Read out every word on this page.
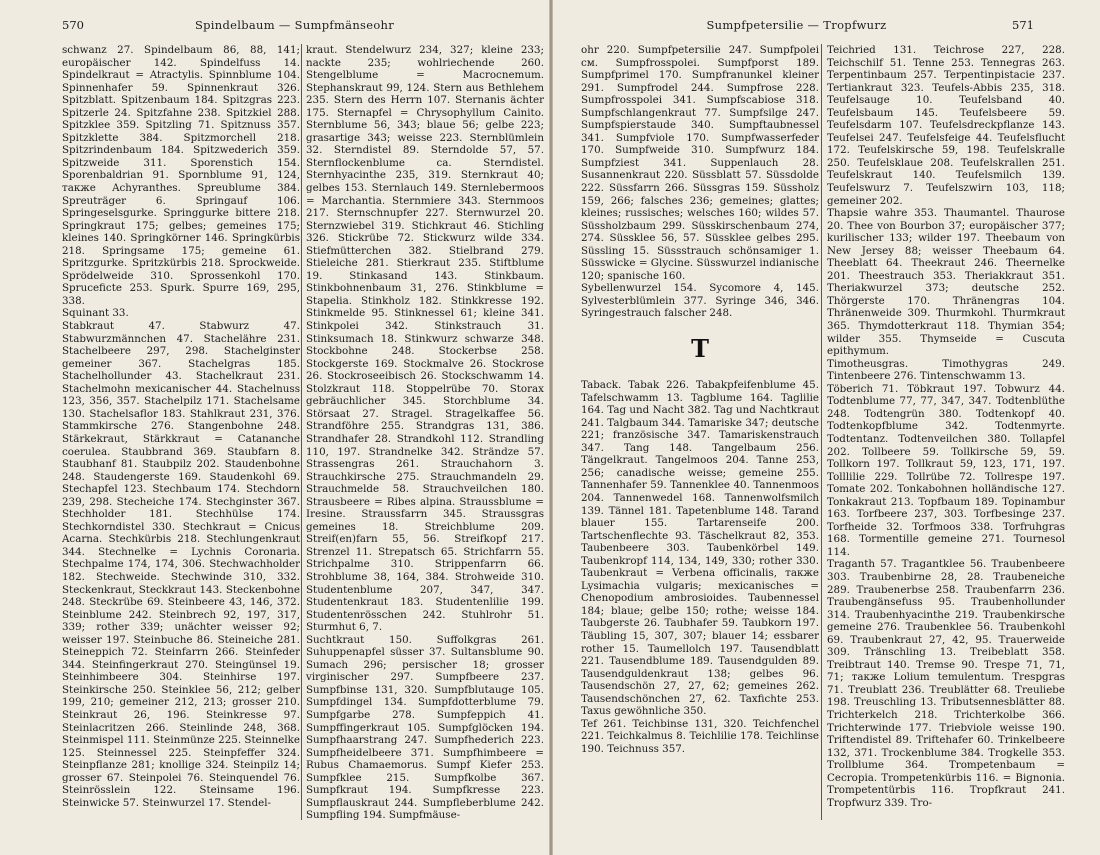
570	Spindelbaum — Sumpfmänseohr

schwanz 27. Spindelbaum 86, 88, 141; europäischer 142. Spindelfuss 14. Spindelkraut = Atractylis. Spinnblume 104. Spinnenhafer 59. Spinnenkraut 326. Spitzblatt. Spitzenbaum 184. Spitzgras 223. Spitzerle 24. Spitzfahne 238. Spitzkiel 288. Spitzklee 359. Spitzling 71. Spitznuss 357. Spitzklette 384. Spitzmorchell 218. Spitzrindenbaum 184. Spitzwederich 359. Spitzweide 311. Sporenstich 154. Sporenbaldrian 91. Spornblume 91, 124, также Achyranthes. Spreublume 384. Spreuträger 6. Springauf 106. Springeselsgurke. Springgurke bittere 218. Springkraut 175; gelbes; gemeines 175; kleines 140. Springkörner 146. Springkürbis 218. Springsame 175; gemeine 61. Spritzgurke. Spritzkürbis 218. Sprockweide. Sprödelweide 310. Sprossenkohl 170. Spruceficte 253. Spurk. Spurre 169, 295, 338.
Squinant 33.
Stabkraut 47. Stabwurz 47. Stabwurzmännchen 47. Stachelähre 231. Stachelbeere 297, 298. Stachelginster gemeiner 367. Stachelgras 185. Stachelhollunder 43. Stachelkraut 231. Stachelmohn mexicanischer 44. Stachelnuss 123, 356, 357. Stachelpilz 171. Stachelsame 130. Stachelsaflor 183. Stahlkraut 231, 376. Stammkirsche 276. Stangenbohne 248. Stärkekraut, Stärkkraut = Catananche coerulea. Staubbrand 369. Staubfarn 8. Staubhanf 81. Staubpilz 202. Staudenbohne 248. Staudengerste 169. Staudenkohl 69. Stechapfel 123. Stechbaum 174. Stechdorn 239, 298. Stecheiche 174. Stechginster 367. Stechholder 181. Stechhülse 174. Stechkorndistel 330. Stechkraut = Cnicus Acarna. Stechkürbis 218. Stechlungenkraut 344. Stechnelke = Lychnis Coronaria. Stechpalme 174, 174, 306. Stechwachholder 182. Stechweide. Stechwinde 310, 332. Steckenkraut, Steckkraut 143. Steckenbohne 248. Steckrübe 69. Steinbeere 43, 146, 372. Steinblume 242. Steinbrech 92, 197, 317, 339; rother 339; unächter weisser 92; weisser 197. Steinbuche 86. Steineiche 281. Steineppich 72. Steinfarrn 266. Steinfeder 344. Steinfingerkraut 270. Steingünsel 19. Steinhimbeere 304. Steinhirse 197. Steinkirsche 250. Steinklee 56, 212; gelber 199, 210; gemeiner 212, 213; grosser 210. Steinkraut 26, 196. Steinkresse 97. Steinlacritzen 266. Steinlinde 248, 368. Steinmispel 111. Steinmünze 225. Steinnelke 125. Steinnessel 225. Steinpfeffer 324. Steinpflanze 281; knollige 324. Steinpilz 14; grosser 67. Steinpolei 76. Steinquendel 76. Steinrösslein 122. Steinsame 196. Steinwicke 57. Steinwurzel 17. Stendel-

kraut. Stendelwurz 234, 327; kleine 233; nackte 235; wohlriechende 260. Stengelblume = Macrocnemum. Stephanskraut 99, 124. Stern aus Bethlehem 235. Stern des Herrn 107. Sternanis ächter 175. Sternapfel = Chrysophyllum Cainito. Sternblume 56, 343; blaue 56; gelbe 223; grasartige 343; weisse 223. Sternblümlein 32. Sterndistel 89. Sterndolde 57, 57. Sternflockenblume ca. Sterndistel. Sternhyacinthe 235, 319. Sternkraut 40; gelbes 153. Sternlauch 149. Sternlebermoos = Marchantia. Sternmiere 343. Sternmoos 217. Sternschnupfer 227. Sternwurzel 20. Sternzwiebel 319. Stichkraut 46. Stichling 326. Stickrübe 72. Stickwurz wilde 334. Stiefmütterchen 382. Stielbrand 279. Stieleiche 281. Stierkraut 235. Stiftblume 19. Stinkasand 143. Stinkbaum. Stinkbohnenbaum 31, 276. Stinkblume = Stapelia. Stinkholz 182. Stinkkresse 192. Stinkmelde 95. Stinknessel 61; kleine 341. Stinkpolei 342. Stinkstrauch 31. Stinksumach 18. Stinkwurz schwarze 348. Stockbohne 248. Stockerbse 258. Stockgerste 169. Stockmalve 26. Stockrose 26. Stockroseeibisch 26. Stockschwamm 14. Stolzkraut 118. Stoppelrübe 70. Storax gebräuchlicher 345. Storchblume 34. Störsaat 27. Stragel. Stragelkaffee 56. Strandföhre 255. Strandgras 131, 386. Strandhafer 28. Strandkohl 112. Strandling 110, 197. Strandnelke 342. Strändze 57. Strassengras 261. Strauchahorn 3. Strauchkirsche 275. Strauchmandeln 29. Strauchmelde 58. Strauchveilchen 180. Strausbeere = Ribes alpina. Straussblume = Iresine. Straussfarrn 345. Straussgras gemeines 18. Streichblume 209. Streif(en)farn 55, 56. Streifkopf 217. Strenzel 11. Strepatsch 65. Strichfarrn 55. Strichpalme 310. Strippenfarrn 66. Strohblume 38, 164, 384. Strohweide 310. Studentenblume 207, 347, 347. Studentenkraut 183. Studentenlilie 199. Studentenrösschen 242. Stuhlrohr 51. Sturmhut 6, 7.
Suchtkraut 150. Suffolkgras 261. Suhuppenapfel süsser 37. Sultansblume 90. Sumach 296; persischer 18; grosser virginischer 297. Sumpfbeere 237. Sumpfbinse 131, 320. Sumpfblutauge 105. Sumpfdingel 134. Sumpfdotterblume 79. Sumpfgarbe 278. Sumpfeppich 41. Sumpffingerkraut 105. Sumpfglöcken 194. Sumpfhaarstrang 247. Sumpfhederich 223. Sumpfheidelbeere 371. Sumpfhimbeere = Rubus Chamaemorus. Sumpf Kiefer 253. Sumpfklee 215. Sumpfkolbe 367. Sumpfkraut 194. Sumpfkresse 223. Sumpflauskraut 244. Sumpfleberblume 242. Sumpfling 194. Sumpfmäuse-

Sumpfpetersilie — Tropfwurz	571

ohr 220. Sumpfpetersilie 247. Sumpfpolei см. Sumpfrosspolei. Sumpfporst 189. Sumpfprimel 170. Sumpfranunkel kleiner 291. Sumpfrodel 244. Sumpfrose 228. Sumpfrosspolei 341. Sumpfscabiose 318. Sumpfschlangenkraut 77. Sumpfsilge 247. Sumpfspierstaude 340. Sumpftaubnessel 341. Sumpfviole 170. Sumpfwasserfeder 170. Sumpfweide 310. Sumpfwurz 184. Sumpfziest 341. Suppenlauch 28. Susannenkraut 220. Süssblatt 57. Süssdolde 222. Süssfarrn 266. Süssgras 159. Süssholz 159, 266; falsches 236; gemeines; glattes; kleines; russisches; welsches 160; wildes 57. Süssholzbaum 299. Süsskirschenbaum 274, 274. Süssklee 56, 57. Süssklee gelbes 295. Süssling 15. Süssstrauch schönsamiger 1. Süsswicke = Glycine. Süsswurzel indianische 120; spanische 160.
Sybellenwurzel 154. Sycomore 4, 145. Sylvesterblümlein 377. Syringe 346, 346. Syringestrauch falscher 248.

T

Taback. Tabak 226. Tabakpfeifenblume 45. Tafelschwamm 13. Tagblume 164. Taglilie 164. Tag und Nacht 382. Tag und Nachtkraut 241. Talgbaum 344. Tamariske 347; deutsche 221; französische 347. Tamariskenstrauch 347. Tang 148. Tangelbaum 256. Tängelkraut. Tangelmoos 204. Tanne 253, 256; canadische weisse; gemeine 255. Tannenhafer 59. Tannenklee 40. Tannenmoos 204. Tannenwedel 168. Tannenwolfsmilch 139. Tännel 181. Tapetenblume 148. Tarand blauer 155. Tartarenseife 200. Tartschenflechte 93. Täschelkraut 82, 353. Taubenbeere 303. Taubenkörbel 149. Taubenkropf 114, 134, 149, 330; rother 330. Taubenkraut = Verbena officinalis, также Lysimachia vulgaris; mexicanisches = Chenopodium ambrosioides. Taubennessel 184; blaue; gelbe 150; rothe; weisse 184. Taubgerste 26. Taubhafer 59. Taubkorn 197. Täubling 15, 307, 307; blauer 14; essbarer rother 15. Taumellolch 197. Tausendblatt 221. Tausendblume 189. Tausendgulden 89. Tausendguldenkraut 138; gelbes 96. Tausendschön 27, 27, 62; gemeines 262. Tausendschönchen 27, 62. Taxfichte 253. Taxus gewöhnliche 350.
Tef 261. Teichbinse 131, 320. Teichfenchel 221. Teichkalmus 8. Teichlilie 178. Teichlinse 190. Teichnuss 357.

Teichried 131. Teichrose 227, 228. Teichschilf 51. Tenne 253. Tennegras 263. Terpentinbaum 257. Terpentinpistacie 237. Tertiankraut 323. Teufels-Abbis 235, 318. Teufelsauge 10. Teufelsband 40. Teufelsbaum 145. Teufelsbeere 59. Teufelsdarm 107. Teufelsdreckpflanze 143. Teufelsei 247. Teufelsfeige 44. Teufelsflucht 172. Teufelskirsche 59, 198. Teufelskralle 250. Teufelsklaue 208. Teufelskrallen 251. Teufelskraut 140. Teufelsmilch 139. Teufelswurz 7. Teufelszwirn 103, 118; gemeiner 202.
Thapsie wahre 353. Thaumantel. Thaurose 20. Thee von Bourbon 37; europäischer 377; kurilischer 133; wilder 197. Theebaum von New Jersey 88; weisser Theebaum 64. Theeblatt 64. Theekraut 246. Theernelke 201. Theestrauch 353. Theriakkraut 351. Theriakwurzel 373; deutsche 252. Thörgerste 170. Thränengras 104. Thränenweide 309. Thurmkohl. Thurmkraut 365. Thymdotterkraut 118. Thymian 354; wilder 355. Thymseide = Cuscuta epithymum.
Timotheusgras. Timothygras 249. Tintenbeere 276. Tintenschwamm 13.
Töberich 71. Töbkraut 197. Tobwurz 44. Todtenblume 77, 77, 347, 347. Todtenblüthe 248. Todtengrün 380. Todtenkopf 40. Todtenkopfblume 342. Todtenmyrte. Todtentanz. Todtenveilchen 380. Tollapfel 202. Tollbeere 59. Tollkirsche 59, 59. Tollkorn 197. Tollkraut 59, 123, 171, 197. Tolllilie 229. Tollrübe 72. Tollrespe 197. Tomate 202. Tonkabohnen holländische 127. Tonkakraut 213. Topfbaum 189. Topinambur 163. Torfbeere 237, 303. Torfbesinge 237. Torfheide 32. Torfmoos 338. Torfruhgras 168. Tormentille gemeine 271. Tournesol 114.
Traganth 57. Tragantklee 56. Traubenbeere 303. Traubenbirne 28, 28. Traubeneiche 289. Traubenerbse 258. Traubenfarrn 236. Traubengänsefuss 95. Traubenhollunder 314. Traubenhyacinthe 219. Traubenkirsche gemeine 276. Traubenklee 56. Traubenkohl 69. Traubenkraut 27, 42, 95. Trauerweide 309. Tränschling 13. Treibeblatt 358. Treibtraut 140. Tremse 90. Trespe 71, 71, 71; также Lolium temulentum. Trespgras 71. Treublatt 236. Treublätter 68. Treuliebe 198. Treuschling 13. Tributsennesblätter 88. Trichterkelch 218. Trichterkolbe 366. Trichterwinde 177. Triebviole weisse 190. Triftendistel 89. Triftehafer 60. Trinkelbeere 132, 371. Trockenblume 384. Trogkelle 353. Trollblume 364. Trompetenbaum = Cecropia. Trompetenkürbis 116. = Bignonia. Trompetentürbis 116. Tropfkraut 241. Tropfwurz 339. Tro-
